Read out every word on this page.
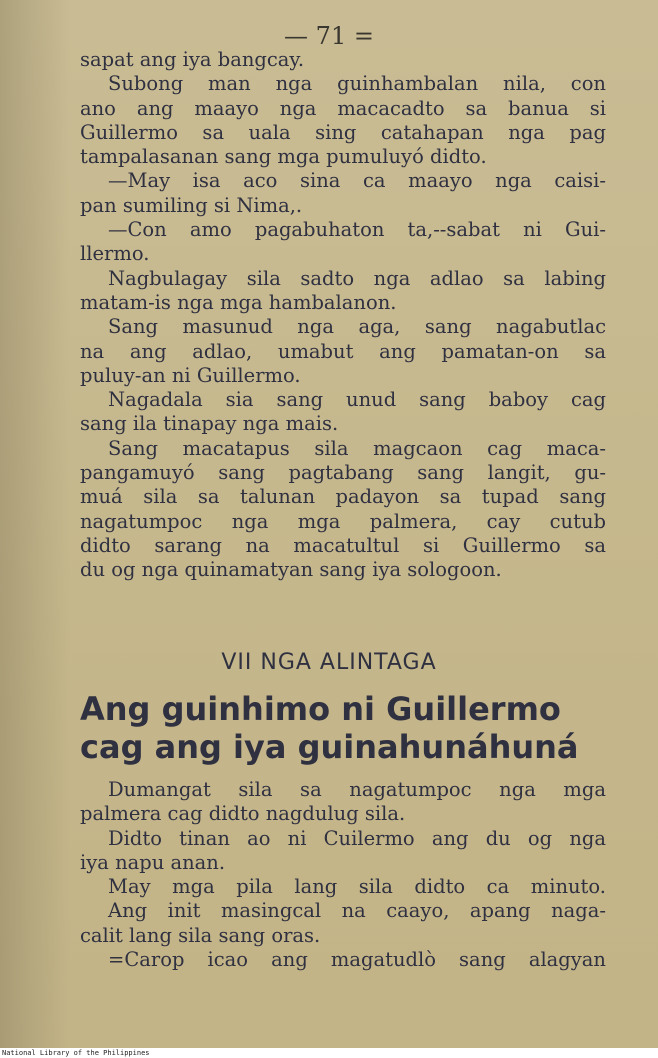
— 71 =
sapat ang iya bangcay.
Subong man nga guinhambalan nila, con
ano ang maayo nga macacadto sa banua si
Guillermo sa uala sing catahapan nga pag
tampalasanan sang mga pumuluyó didto.
—May isa aco sina ca maayo nga caisi-
pan sumiling si Nima,.
—Con amo pagabuhaton ta,--sabat ni Gui-
llermo.
Nagbulagay sila sadto nga adlao sa labing
matam-is nga mga hambalanon.
Sang masunud nga aga, sang nagabutlac
na ang adlao, umabut ang pamatan-on sa
puluy-an ni Guillermo.
Nagadala sia sang unud sang baboy cag
sang ila tinapay nga mais.
Sang macatapus sila magcaon cag maca-
pangamuyó sang pagtabang sang langit, gu-
muá sila sa talunan padayon sa tupad sang
nagatumpoc nga mga palmera, cay cutub
didto sarang na macatultul si Guillermo sa
du og nga quinamatyan sang iya sologoon.
VII NGA ALINTAGA
Ang guinhimo ni Guillermo
cag ang iya guinahunáhuná
Dumangat sila sa nagatumpoc nga mga
palmera cag didto nagdulug sila.
Didto tinan ao ni Cuilermo ang du og nga
iya napu anan.
May mga pila lang sila didto ca minuto.
Ang init masingcal na caayo, apang naga-
calit lang sila sang oras.
=Carop icao ang magatudlò sang alagyan
National Library of the Philippines
